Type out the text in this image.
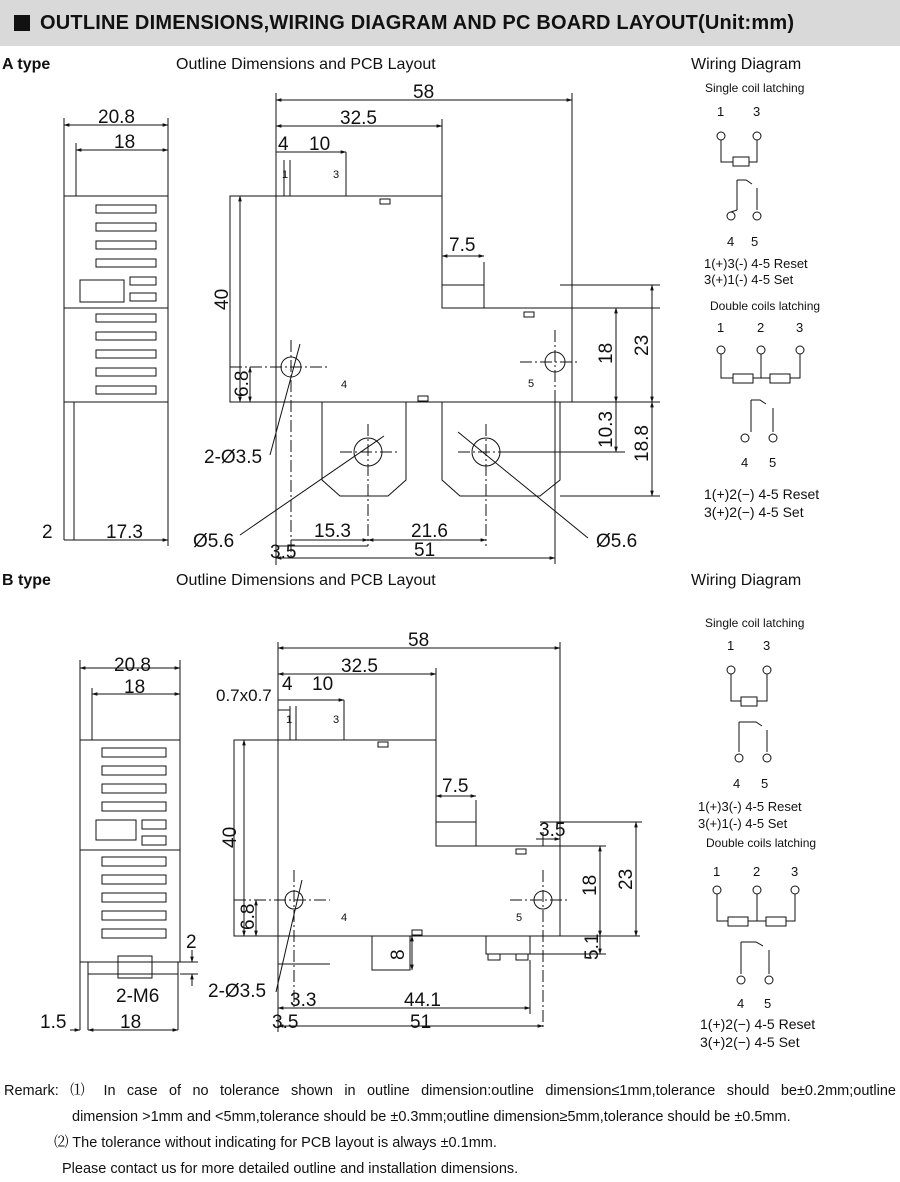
OUTLINE DIMENSIONS,WIRING DIAGRAM AND PC BOARD LAYOUT(Unit:mm)
A type	Outline Dimensions and PCB Layout	Wiring Diagram
B type	Outline Dimensions and PCB Layout	Wiring Diagram
20.8
18
2	17.3
58
32.5
4 10
1	3
4	5
7.5
40
6.8
18 23
10.3 18.8
2-Ø3.5
Ø5.6	Ø5.6
3.5
15.3	21.6
51
Single coil latching
1 3
4 5
1(+)3(-) 4-5 Reset
3(+)1(-) 4-5 Set
Double coils latching
1	2 3
4 5
1(+)2(−) 4-5 Reset
3(+)2(−) 4-5 Set
20.8
18
2
2-M6
1.5	18
58
32.5
0.7x0.7
4 10
1	3
4	5
7.5
3.5
40
6.8
18 23
8	5.1
2-Ø3.5 3.3	44.1
3.5	51
Single coil latching
1 3
4 5
1(+)3(-) 4-5 Reset
3(+)1(-) 4-5 Set
Double coils latching
1	2 3
4 5
1(+)2(−) 4-5 Reset
3(+)2(−) 4-5 Set
Remark: ⑴ In case of no tolerance shown in outline dimension:outline dimension≤1mm,tolerance should be±0.2mm;outline
dimension >1mm and <5mm,tolerance should be ±0.3mm;outline dimension≥5mm,tolerance should be ±0.5mm.
⑵ The tolerance without indicating for PCB layout is always ±0.1mm.
Please contact us for more detailed outline and installation dimensions.
